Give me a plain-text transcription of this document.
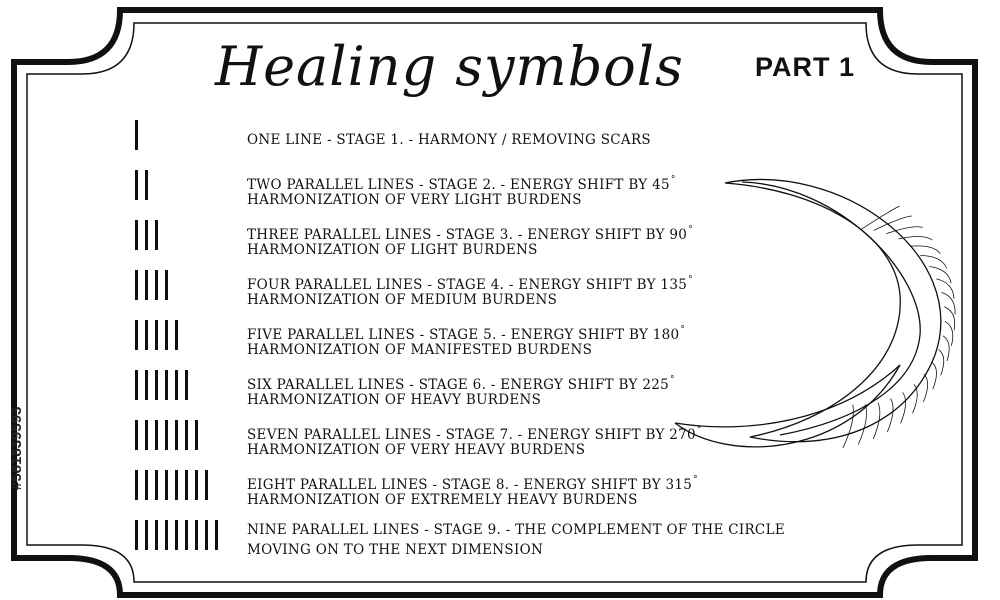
Healing symbols	PART 1
#581839593
ONE LINE - STAGE 1. - HARMONY / REMOVING SCARS
TWO PARALLEL LINES - STAGE 2. - ENERGY SHIFT BY 45°
HARMONIZATION OF VERY LIGHT BURDENS
THREE PARALLEL LINES - STAGE 3. - ENERGY SHIFT BY 90°
HARMONIZATION OF LIGHT BURDENS
FOUR PARALLEL LINES - STAGE 4. - ENERGY SHIFT BY 135°
HARMONIZATION OF MEDIUM BURDENS
FIVE PARALLEL LINES - STAGE 5. - ENERGY SHIFT BY 180°
HARMONIZATION OF MANIFESTED BURDENS
SIX PARALLEL LINES - STAGE 6. - ENERGY SHIFT BY 225°
HARMONIZATION OF HEAVY BURDENS
SEVEN PARALLEL LINES - STAGE 7. - ENERGY SHIFT BY 270°
HARMONIZATION OF VERY HEAVY BURDENS
EIGHT PARALLEL LINES - STAGE 8. - ENERGY SHIFT BY 315°
HARMONIZATION OF EXTREMELY HEAVY BURDENS
NINE PARALLEL LINES - STAGE 9. - THE COMPLEMENT OF THE CIRCLE
MOVING ON TO THE NEXT DIMENSION
